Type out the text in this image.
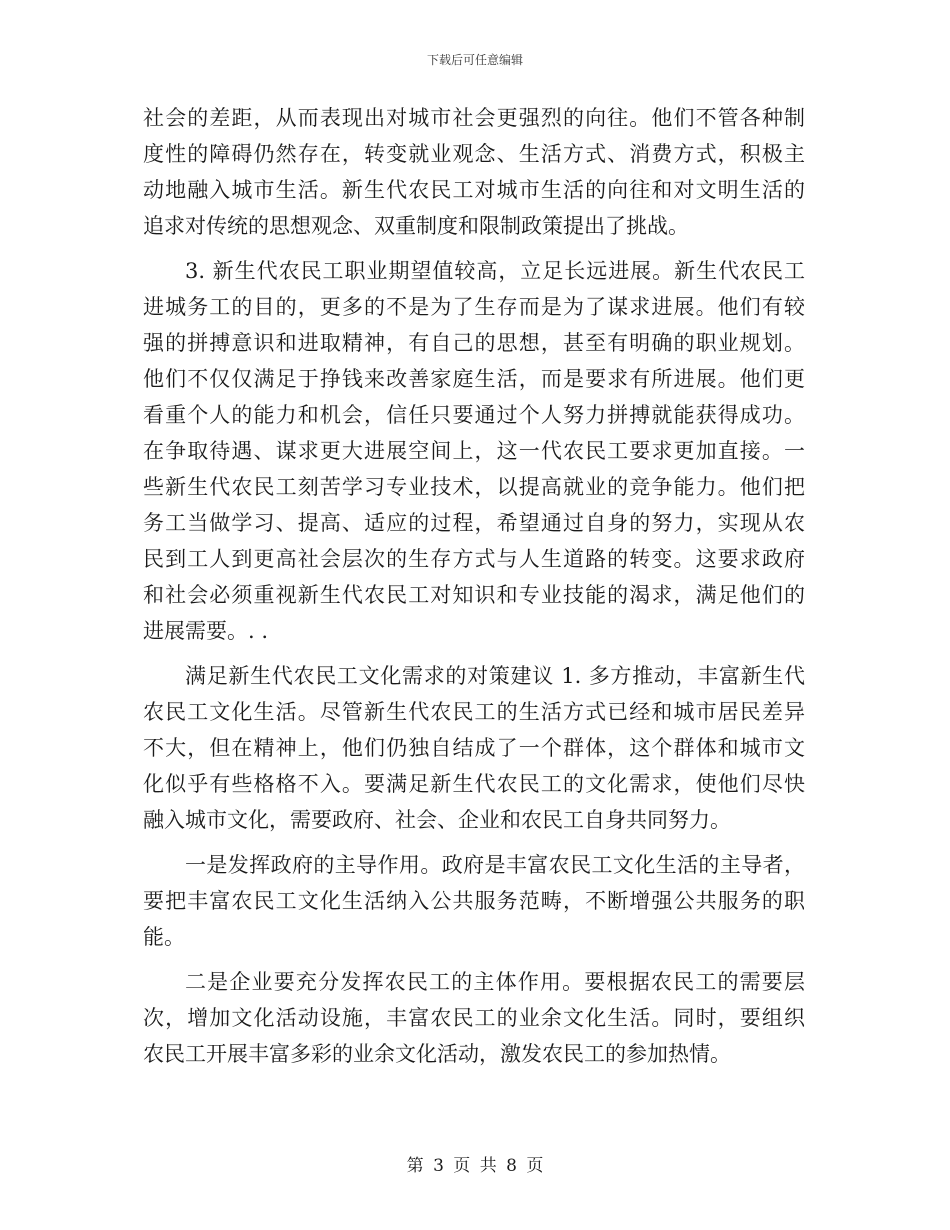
下载后可任意编辑
社会的差距，从而表现出对城市社会更强烈的向往。他们不管各种制
度性的障碍仍然存在，转变就业观念、生活方式、消费方式，积极主
动地融入城市生活。新生代农民工对城市生活的向往和对文明生活的
追求对传统的思想观念、双重制度和限制政策提出了挑战。
3. 新生代农民工职业期望值较高，立足长远进展。新生代农民工
进城务工的目的，更多的不是为了生存而是为了谋求进展。他们有较
强的拼搏意识和进取精神，有自己的思想，甚至有明确的职业规划。
他们不仅仅满足于挣钱来改善家庭生活，而是要求有所进展。他们更
看重个人的能力和机会，信任只要通过个人努力拼搏就能获得成功。
在争取待遇、谋求更大进展空间上，这一代农民工要求更加直接。一
些新生代农民工刻苦学习专业技术，以提高就业的竞争能力。他们把
务工当做学习、提高、适应的过程，希望通过自身的努力，实现从农
民到工人到更高社会层次的生存方式与人生道路的转变。这要求政府
和社会必须重视新生代农民工对知识和专业技能的渴求，满足他们的
进展需要。. .
满足新生代农民工文化需求的对策建议 1. 多方推动，丰富新生代
农民工文化生活。尽管新生代农民工的生活方式已经和城市居民差异
不大，但在精神上，他们仍独自结成了一个群体，这个群体和城市文
化似乎有些格格不入。要满足新生代农民工的文化需求，使他们尽快
融入城市文化，需要政府、社会、企业和农民工自身共同努力。
一是发挥政府的主导作用。政府是丰富农民工文化生活的主导者，
要把丰富农民工文化生活纳入公共服务范畴，不断增强公共服务的职
能。
二是企业要充分发挥农民工的主体作用。要根据农民工的需要层
次，增加文化活动设施，丰富农民工的业余文化生活。同时，要组织
农民工开展丰富多彩的业余文化活动，激发农民工的参加热情。
第 3 页 共 8 页
